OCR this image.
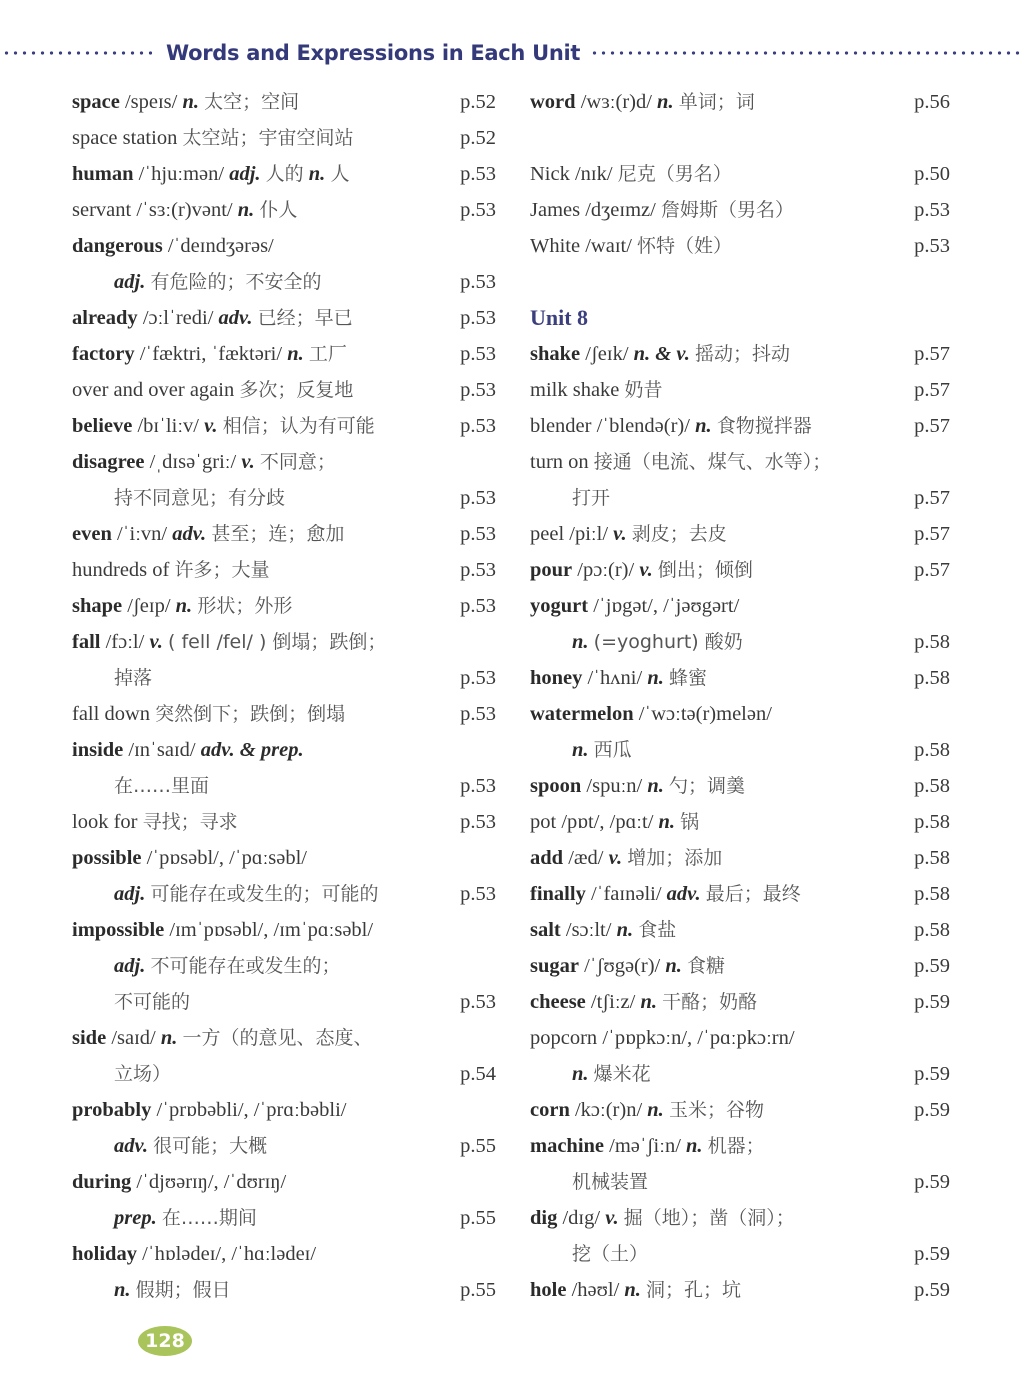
Words and Expressions in Each Unit
space /speɪs/ n. 太空；空间	p.52
space station 太空站；宇宙空间站	p.52
human /ˈhjuːmən/ adj. 人的 n. 人	p.53
servant /ˈsɜː(r)vənt/ n. 仆人	p.53
dangerous /ˈdeɪndʒərəs/
adj. 有危险的；不安全的	p.53
already /ɔːlˈredi/ adv. 已经；早已	p.53
factory /ˈfæktri, ˈfæktəri/ n. 工厂	p.53
over and over again 多次；反复地	p.53
believe /bɪˈliːv/ v. 相信；认为有可能	p.53
disagree /ˌdɪsəˈgriː/ v. 不同意；
持不同意见；有分歧	p.53
even /ˈiːvn/ adv. 甚至；连；愈加	p.53
hundreds of 许多；大量	p.53
shape /ʃeɪp/ n. 形状；外形	p.53
fall /fɔːl/ v. ( fell /fel/ ) 倒塌；跌倒；
掉落	p.53
fall down 突然倒下；跌倒；倒塌	p.53
inside /ɪnˈsaɪd/ adv. & prep.
在……里面	p.53
look for 寻找；寻求	p.53
possible /ˈpɒsəbl/, /ˈpɑːsəbl/
adj. 可能存在或发生的；可能的	p.53
impossible /ɪmˈpɒsəbl/, /ɪmˈpɑːsəbl/
adj. 不可能存在或发生的；
不可能的	p.53
side /saɪd/ n. 一方（的意见、态度、
立场）	p.54
probably /ˈprɒbəbli/, /ˈprɑːbəbli/
adv. 很可能；大概	p.55
during /ˈdjʊərɪŋ/, /ˈdʊrɪŋ/
prep. 在……期间	p.55
holiday /ˈhɒlədeɪ/, /ˈhɑːlədeɪ/
n. 假期；假日	p.55
word /wɜː(r)d/ n. 单词；词	p.56
Nick /nɪk/ 尼克（男名）	p.50
James /dʒeɪmz/ 詹姆斯（男名）	p.53
White /waɪt/ 怀特（姓）	p.53
Unit 8
shake /ʃeɪk/ n. & v. 摇动；抖动	p.57
milk shake 奶昔	p.57
blender /ˈblendə(r)/ n. 食物搅拌器	p.57
turn on 接通（电流、煤气、水等）；
打开	p.57
peel /piːl/ v. 剥皮；去皮	p.57
pour /pɔː(r)/ v. 倒出；倾倒	p.57
yogurt /ˈjɒgət/, /ˈjəʊgərt/
n. (=yoghurt) 酸奶	p.58
honey /ˈhʌni/ n. 蜂蜜	p.58
watermelon /ˈwɔːtə(r)melən/
n. 西瓜	p.58
spoon /spuːn/ n. 勺；调羹	p.58
pot /pɒt/, /pɑːt/ n. 锅	p.58
add /æd/ v. 增加；添加	p.58
finally /ˈfaɪnəli/ adv. 最后；最终	p.58
salt /sɔːlt/ n. 食盐	p.58
sugar /ˈʃʊgə(r)/ n. 食糖	p.59
cheese /tʃiːz/ n. 干酪；奶酪	p.59
popcorn /ˈpɒpkɔːn/, /ˈpɑːpkɔːrn/
n. 爆米花	p.59
corn /kɔː(r)n/ n. 玉米；谷物	p.59
machine /məˈʃiːn/ n. 机器；
机械装置	p.59
dig /dɪg/ v. 掘（地）；凿（洞）；
挖（土）	p.59
hole /həʊl/ n. 洞；孔；坑	p.59
128
